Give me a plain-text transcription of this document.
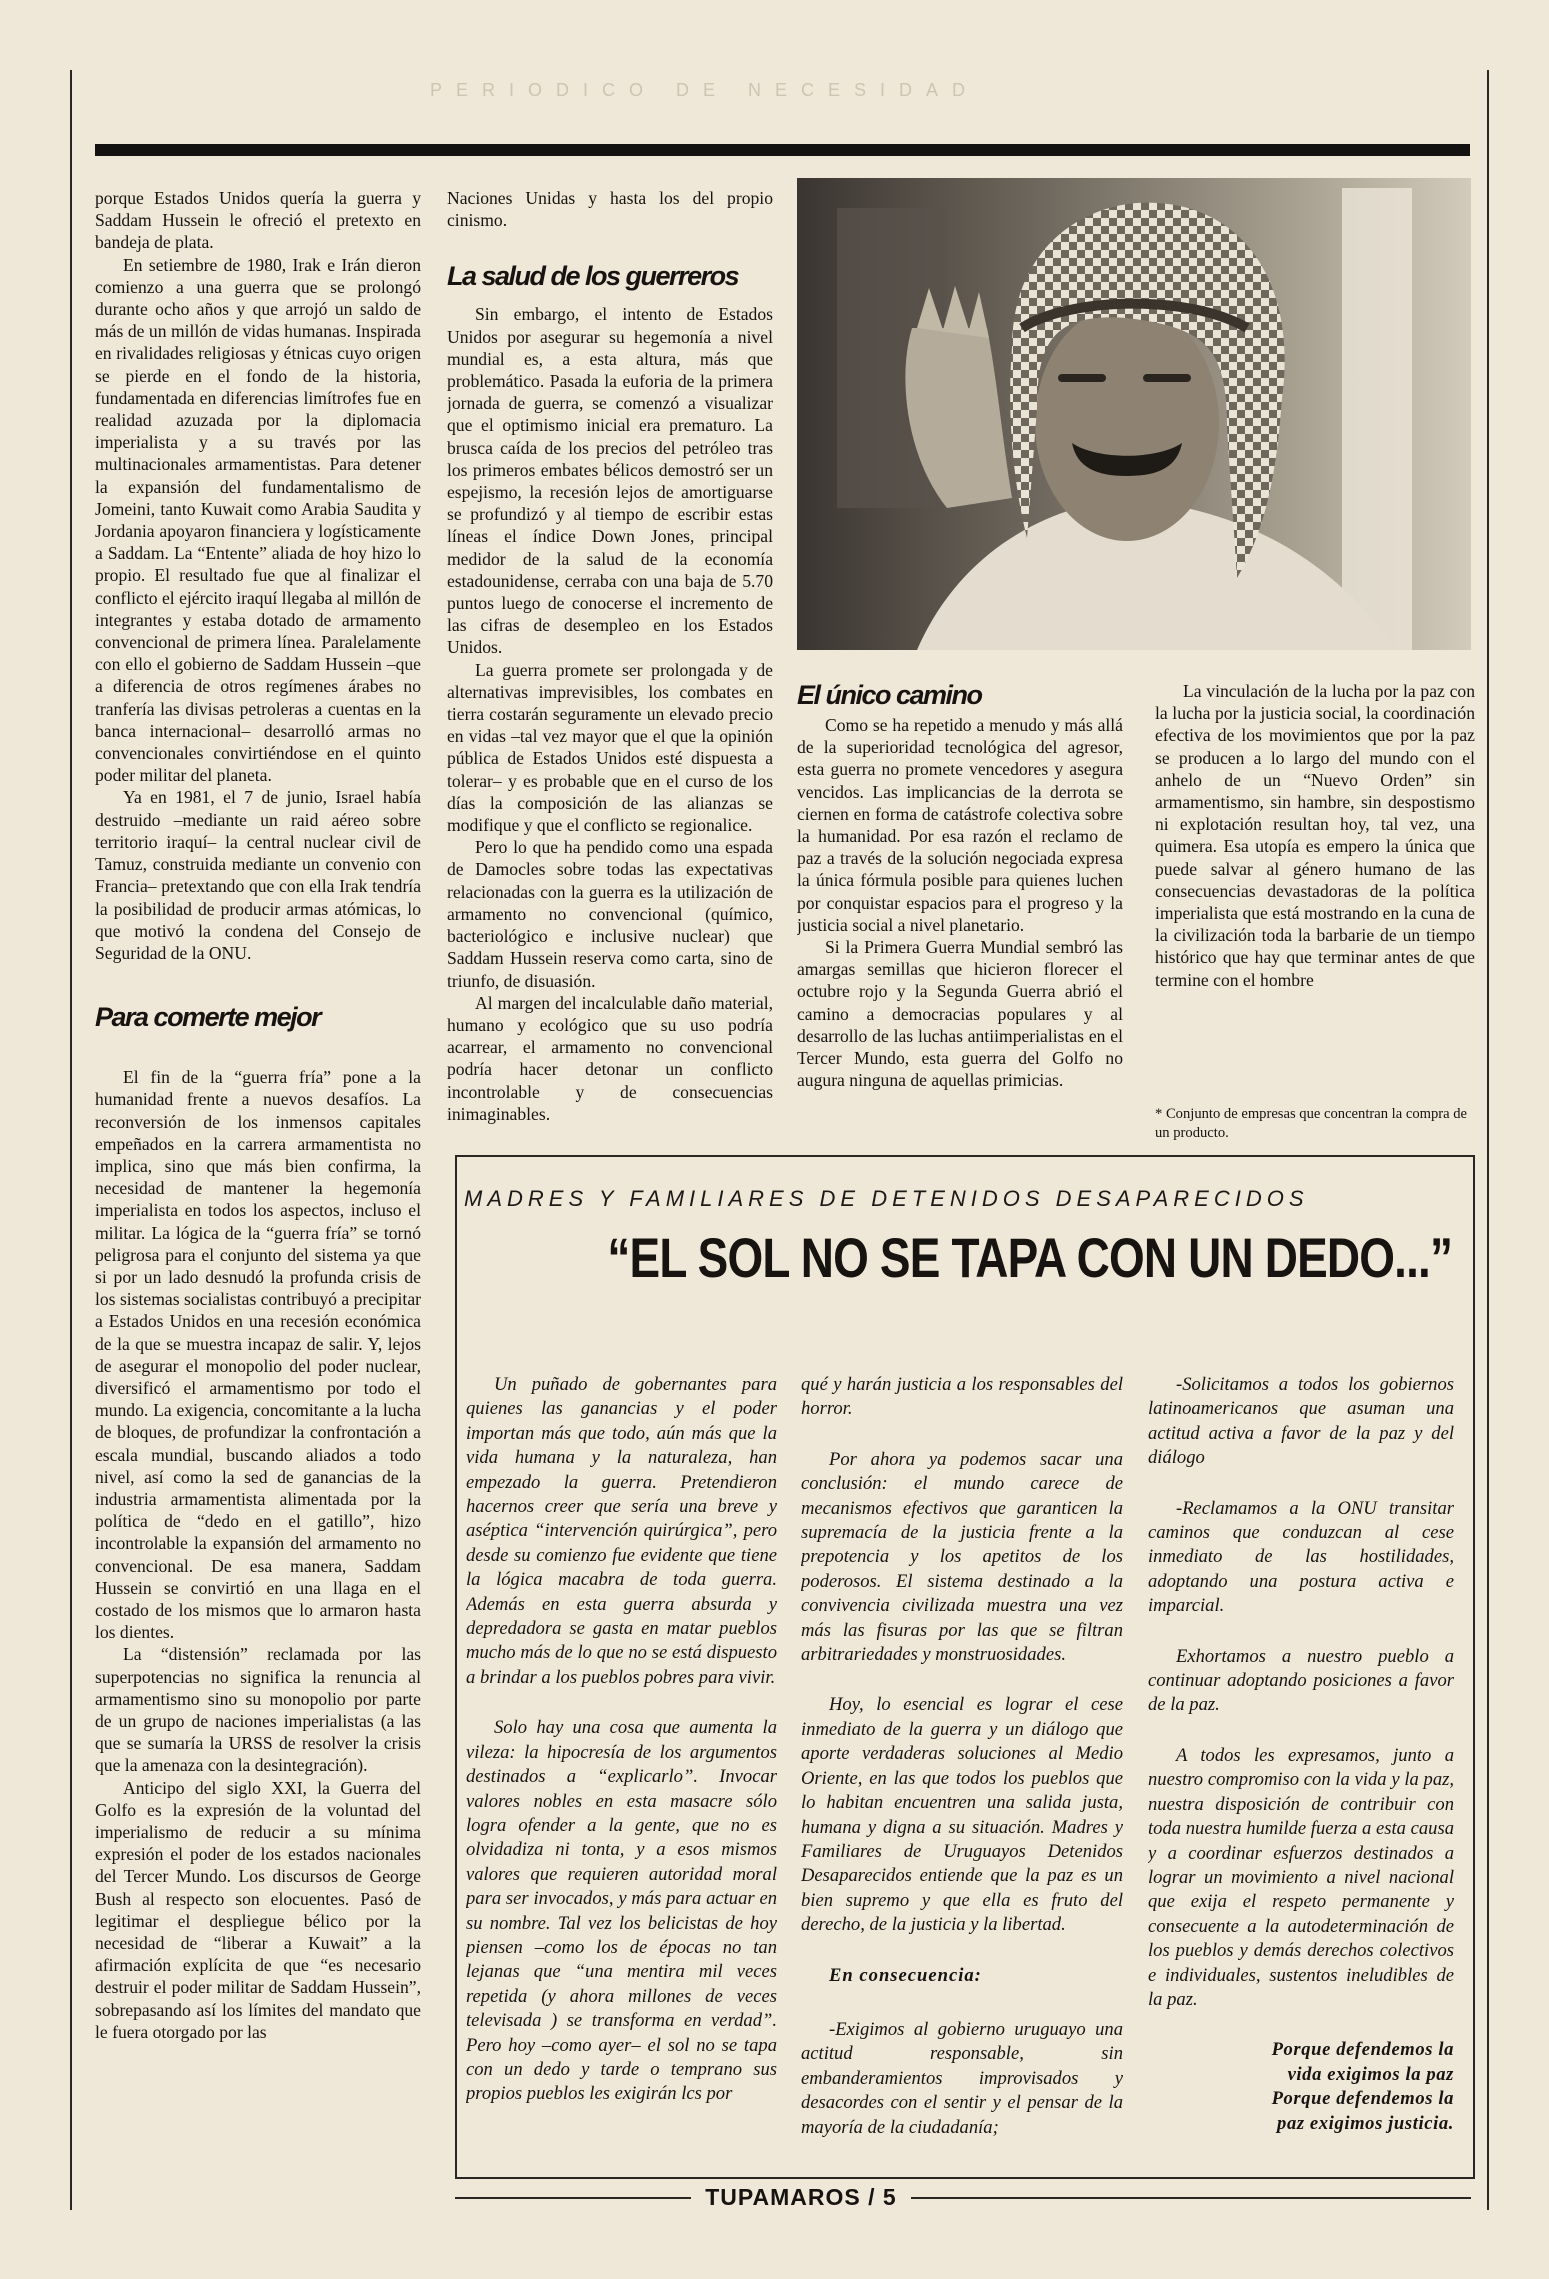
PERIODICO DE NECESIDAD

porque Estados Unidos quería la guerra y Saddam Hussein le ofreció el pretexto en bandeja de plata.

En setiembre de 1980, Irak e Irán dieron comienzo a una guerra que se prolongó durante ocho años y que arrojó un saldo de más de un millón de vidas humanas. Inspirada en rivalidades religiosas y étnicas cuyo origen se pierde en el fondo de la historia, fundamentada en diferencias limítrofes fue en realidad azuzada por la diplomacia imperialista y a su través por las multinacionales armamentistas. Para detener la expansión del fundamentalismo de Jomeini, tanto Kuwait como Arabia Saudita y Jordania apoyaron financiera y logísticamente a Saddam. La “Entente” aliada de hoy hizo lo propio. El resultado fue que al finalizar el conflicto el ejército iraquí llegaba al millón de integrantes y estaba dotado de armamento convencional de primera línea. Paralelamente con ello el gobierno de Saddam Hussein –que a diferencia de otros regímenes árabes no tranfería las divisas petroleras a cuentas en la banca internacional– desarrolló armas no convencionales convirtiéndose en el quinto poder militar del planeta.

Ya en 1981, el 7 de junio, Israel había destruido –mediante un raid aéreo sobre territorio iraquí– la central nuclear civil de Tamuz, construida mediante un convenio con Francia– pretextando que con ella Irak tendría la posibilidad de producir armas atómicas, lo que motivó la condena del Consejo de Seguridad de la ONU.

Para comerte mejor

El fin de la “guerra fría” pone a la humanidad frente a nuevos desafíos. La reconversión de los inmensos capitales empeñados en la carrera armamentista no implica, sino que más bien confirma, la necesidad de mantener la hegemonía imperialista en todos los aspectos, incluso el militar. La lógica de la “guerra fría” se tornó peligrosa para el conjunto del sistema ya que si por un lado desnudó la profunda crisis de los sistemas socialistas contribuyó a precipitar a Estados Unidos en una recesión económica de la que se muestra incapaz de salir. Y, lejos de asegurar el monopolio del poder nuclear, diversificó el armamentismo por todo el mundo. La exigencia, concomitante a la lucha de bloques, de profundizar la confrontación a escala mundial, buscando aliados a todo nivel, así como la sed de ganancias de la industria armamentista alimentada por la política de “dedo en el gatillo”, hizo incontrolable la expansión del armamento no convencional. De esa manera, Saddam Hussein se convirtió en una llaga en el costado de los mismos que lo armaron hasta los dientes.

La “distensión” reclamada por las superpotencias no significa la renuncia al armamentismo sino su monopolio por parte de un grupo de naciones imperialistas (a las que se sumaría la URSS de resolver la crisis que la amenaza con la desintegración).

Anticipo del siglo XXI, la Guerra del Golfo es la expresión de la voluntad del imperialismo de reducir a su mínima expresión el poder de los estados nacionales del Tercer Mundo. Los discursos de George Bush al respecto son elocuentes. Pasó de legitimar el despliegue bélico por la necesidad de “liberar a Kuwait” a la afirmación explícita de que “es necesario destruir el poder militar de Saddam Hussein”, sobrepasando así los límites del mandato que le fuera otorgado por las

Naciones Unidas y hasta los del propio cinismo.

La salud de los guerreros

Sin embargo, el intento de Estados Unidos por asegurar su hegemonía a nivel mundial es, a esta altura, más que problemático. Pasada la euforia de la primera jornada de guerra, se comenzó a visualizar que el optimismo inicial era prematuro. La brusca caída de los precios del petróleo tras los primeros embates bélicos demostró ser un espejismo, la recesión lejos de amortiguarse se profundizó y al tiempo de escribir estas líneas el índice Down Jones, principal medidor de la salud de la economía estadounidense, cerraba con una baja de 5.70 puntos luego de conocerse el incremento de las cifras de desempleo en los Estados Unidos.

La guerra promete ser prolongada y de alternativas imprevisibles, los combates en tierra costarán seguramente un elevado precio en vidas –tal vez mayor que el que la opinión pública de Estados Unidos esté dispuesta a tolerar– y es probable que en el curso de los días la composición de las alianzas se modifique y que el conflicto se regionalice.

Pero lo que ha pendido como una espada de Damocles sobre todas las expectativas relacionadas con la guerra es la utilización de armamento no convencional (químico, bacteriológico e inclusive nuclear) que Saddam Hussein reserva como carta, sino de triunfo, de disuasión.

Al margen del incalculable daño material, humano y ecológico que su uso podría acarrear, el armamento no convencional podría hacer detonar un conflicto incontrolable y de consecuencias inimaginables.

El único camino

Como se ha repetido a menudo y más allá de la superioridad tecnológica del agresor, esta guerra no promete vencedores y asegura vencidos. Las implicancias de la derrota se ciernen en forma de catástrofe colectiva sobre la humanidad. Por esa razón el reclamo de paz a través de la solución negociada expresa la única fórmula posible para quienes luchen por conquistar espacios para el progreso y la justicia social a nivel planetario.

Si la Primera Guerra Mundial sembró las amargas semillas que hicieron florecer el octubre rojo y la Segunda Guerra abrió el camino a democracias populares y al desarrollo de las luchas antiimperialistas en el Tercer Mundo, esta guerra del Golfo no augura ninguna de aquellas primicias.

La vinculación de la lucha por la paz con la lucha por la justicia social, la coordinación efectiva de los movimientos que por la paz se producen a lo largo del mundo con el anhelo de un “Nuevo Orden” sin armamentismo, sin hambre, sin despostismo ni explotación resultan hoy, tal vez, una quimera. Esa utopía es empero la única que puede salvar al género humano de las consecuencias devastadoras de la política imperialista que está mostrando en la cuna de la civilización toda la barbarie de un tiempo histórico que hay que terminar antes de que termine con el hombre

* Conjunto de empresas que concentran la compra de un producto.
MADRES Y FAMILIARES DE DETENIDOS DESAPARECIDOS
“EL SOL NO SE TAPA CON UN DEDO...”

Un puñado de gobernantes para quienes las ganancias y el poder importan más que todo, aún más que la vida humana y la naturaleza, han empezado la guerra. Pretendieron hacernos creer que sería una breve y aséptica “intervención quirúrgica”, pero desde su comienzo fue evidente que tiene la lógica macabra de toda guerra. Además en esta guerra absurda y depredadora se gasta en matar pueblos mucho más de lo que no se está dispuesto a brindar a los pueblos pobres para vivir.

Solo hay una cosa que aumenta la vileza: la hipocresía de los argumentos destinados a “explicarlo”. Invocar valores nobles en esta masacre sólo logra ofender a la gente, que no es olvidadiza ni tonta, y a esos mismos valores que requieren autoridad moral para ser invocados, y más para actuar en su nombre. Tal vez los belicistas de hoy piensen –como los de épocas no tan lejanas que “una mentira mil veces repetida (y ahora millones de veces televisada ) se transforma en verdad”. Pero hoy –como ayer– el sol no se tapa con un dedo y tarde o temprano sus propios pueblos les exigirán lcs por

qué y harán justicia a los responsables del horror.

Por ahora ya podemos sacar una conclusión: el mundo carece de mecanismos efectivos que garanticen la supremacía de la justicia frente a la prepotencia y los apetitos de los poderosos. El sistema destinado a la convivencia civilizada muestra una vez más las fisuras por las que se filtran arbitrariedades y monstruosidades.

Hoy, lo esencial es lograr el cese inmediato de la guerra y un diálogo que aporte verdaderas soluciones al Medio Oriente, en las que todos los pueblos que lo habitan encuentren una salida justa, humana y digna a su situación. Madres y Familiares de Uruguayos Detenidos Desaparecidos entiende que la paz es un bien supremo y que ella es fruto del derecho, de la justicia y la libertad.

En consecuencia:

-Exigimos al gobierno uruguayo una actitud responsable, sin embanderamientos improvisados y desacordes con el sentir y el pensar de la mayoría de la ciudadanía;

-Solicitamos a todos los gobiernos latinoamericanos que asuman una actitud activa a favor de la paz y del diálogo

-Reclamamos a la ONU transitar caminos que conduzcan al cese inmediato de las hostilidades, adoptando una postura activa e imparcial.

Exhortamos a nuestro pueblo a continuar adoptando posiciones a favor de la paz.

A todos les expresamos, junto a nuestro compromiso con la vida y la paz, nuestra disposición de contribuir con toda nuestra humilde fuerza a esta causa y a coordinar esfuerzos destinados a lograr un movimiento a nivel nacional que exija el respeto permanente y consecuente a la autodeterminación de los pueblos y demás derechos colectivos e individuales, sustentos ineludibles de la paz.

Porque defendemos la
vida exigimos la paz
Porque defendemos la
paz exigimos justicia.
TUPAMAROS / 5
